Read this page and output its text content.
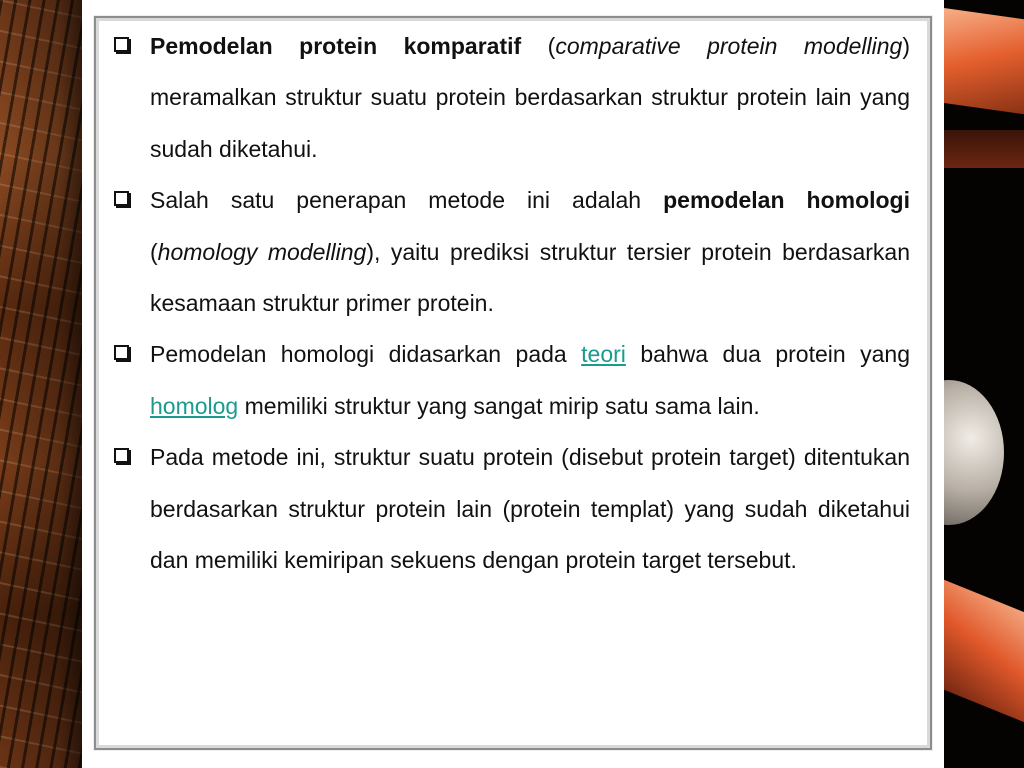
Pemodelan protein komparatif (comparative protein modelling) meramalkan struktur suatu protein berdasarkan struktur protein lain yang sudah diketahui.
Salah satu penerapan metode ini adalah pemodelan homologi (homology modelling), yaitu prediksi struktur tersier protein berdasarkan kesamaan struktur primer protein.
Pemodelan homologi didasarkan pada teori bahwa dua protein yang homolog memiliki struktur yang sangat mirip satu sama lain.
Pada metode ini, struktur suatu protein (disebut protein target) ditentukan berdasarkan struktur protein lain (protein templat) yang sudah diketahui dan memiliki kemiripan sekuens dengan protein target tersebut.
